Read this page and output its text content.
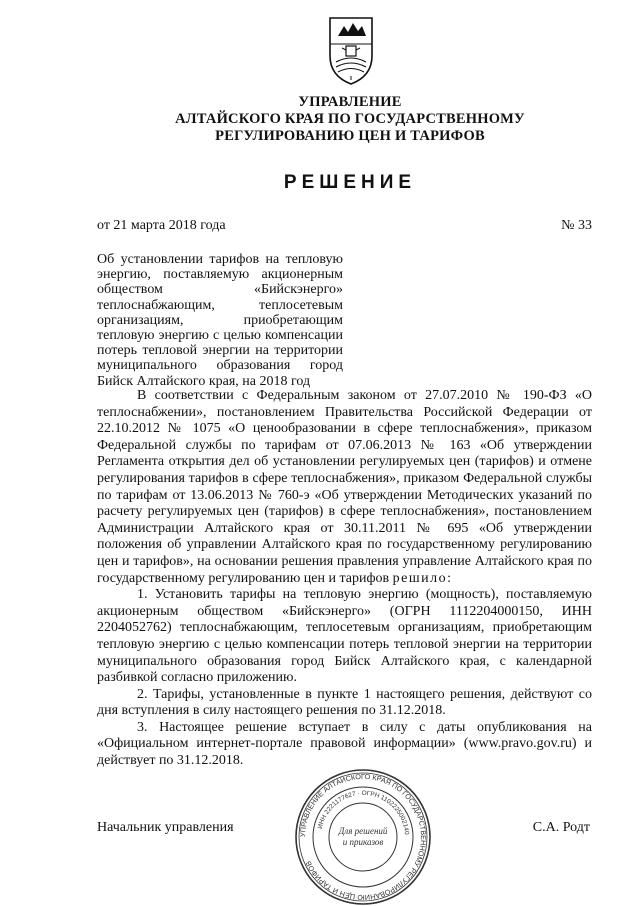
УПРАВЛЕНИЕ
АЛТАЙСКОГО КРАЯ ПО ГОСУДАРСТВЕННОМУ
РЕГУЛИРОВАНИЮ ЦЕН И ТАРИФОВ
РЕШЕНИЕ
от 21 марта 2018 года	№ 33
Об установлении тарифов на тепловую энергию, поставляемую акционерным обществом «Бийскэнерго» теплоснабжающим, теплосетевым организациям, приобретающим тепловую энергию с целью компенсации потерь тепловой энергии на территории муниципального образования город Бийск Алтайского края, на 2018 год

В соответствии с Федеральным законом от 27.07.2010 № 190-ФЗ «О теплоснабжении», постановлением Правительства Российской Федерации от 22.10.2012 № 1075 «О ценообразовании в сфере теплоснабжения», приказом Федеральной службы по тарифам от 07.06.2013 № 163 «Об утверждении Регламента открытия дел об установлении регулируемых цен (тарифов) и отмене регулирования тарифов в сфере теплоснабжения», приказом Федеральной службы по тарифам от 13.06.2013 № 760-э «Об утверждении Методических указаний по расчету регулируемых цен (тарифов) в сфере теплоснабжения», постановлением Администрации Алтайского края от 30.11.2011 № 695 «Об утверждении положения об управлении Алтайского края по государственному регулированию цен и тарифов», на основании решения правления управление Алтайского края по государственному регулированию цен и тарифов решило:

1. Установить тарифы на тепловую энергию (мощность), поставляемую акционерным обществом «Бийскэнерго» (ОГРН 1112204000150, ИНН 2204052762) теплоснабжающим, теплосетевым организациям, приобретающим тепловую энергию с целью компенсации потерь тепловой энергии на территории муниципального образования город Бийск Алтайского края, с календарной разбивкой согласно приложению.

2. Тарифы, установленные в пункте 1 настоящего решения, действуют со дня вступления в силу настоящего решения по 31.12.2018.

3. Настоящее решение вступает в силу с даты опубликования на «Официальном интернет-портале правовой информации» (www.pravo.gov.ru) и действует по 31.12.2018.

Начальник управления	С.А. Родт
УПРАВЛЕНИЕ АЛТАЙСКОГО КРАЯ ПО ГОСУДАРСТВЕННОМУ РЕГУЛИРОВАНИЮ ЦЕН И ТАРИФОВ
ИНН 2221177627 · ОГРН 1102225002140
Для решений
и приказов
